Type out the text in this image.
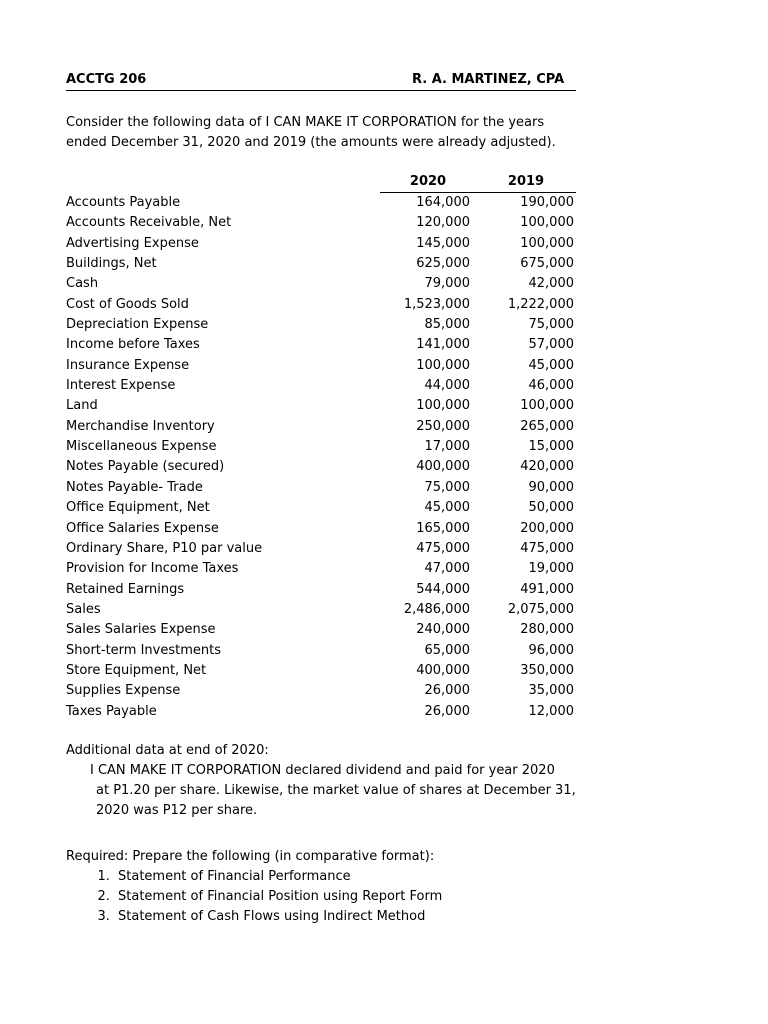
ACCTG 206	R. A. MARTINEZ, CPA
Consider the following data of I CAN MAKE IT CORPORATION for the years
ended December 31, 2020 and 2019 (the amounts were already adjusted).
2020	2019
Accounts Payable	164,000	190,000
Accounts Receivable, Net	120,000	100,000
Advertising Expense	145,000	100,000
Buildings, Net	625,000	675,000
Cash	79,000	42,000
Cost of Goods Sold	1,523,000	1,222,000
Depreciation Expense	85,000	75,000
Income before Taxes	141,000	57,000
Insurance Expense	100,000	45,000
Interest Expense	44,000	46,000
Land	100,000	100,000
Merchandise Inventory	250,000	265,000
Miscellaneous Expense	17,000	15,000
Notes Payable (secured)	400,000	420,000
Notes Payable- Trade	75,000	90,000
Office Equipment, Net	45,000	50,000
Office Salaries Expense	165,000	200,000
Ordinary Share, P10 par value	475,000	475,000
Provision for Income Taxes	47,000	19,000
Retained Earnings	544,000	491,000
Sales	2,486,000	2,075,000
Sales Salaries Expense	240,000	280,000
Short-term Investments	65,000	96,000
Store Equipment, Net	400,000	350,000
Supplies Expense	26,000	35,000
Taxes Payable	26,000	12,000
Additional data at end of 2020:
I CAN MAKE IT CORPORATION declared dividend and paid for year 2020
at P1.20 per share. Likewise, the market value of shares at December 31,
2020 was P12 per share.
Required: Prepare the following (in comparative format):
1. Statement of Financial Performance
2. Statement of Financial Position using Report Form
3. Statement of Cash Flows using Indirect Method
